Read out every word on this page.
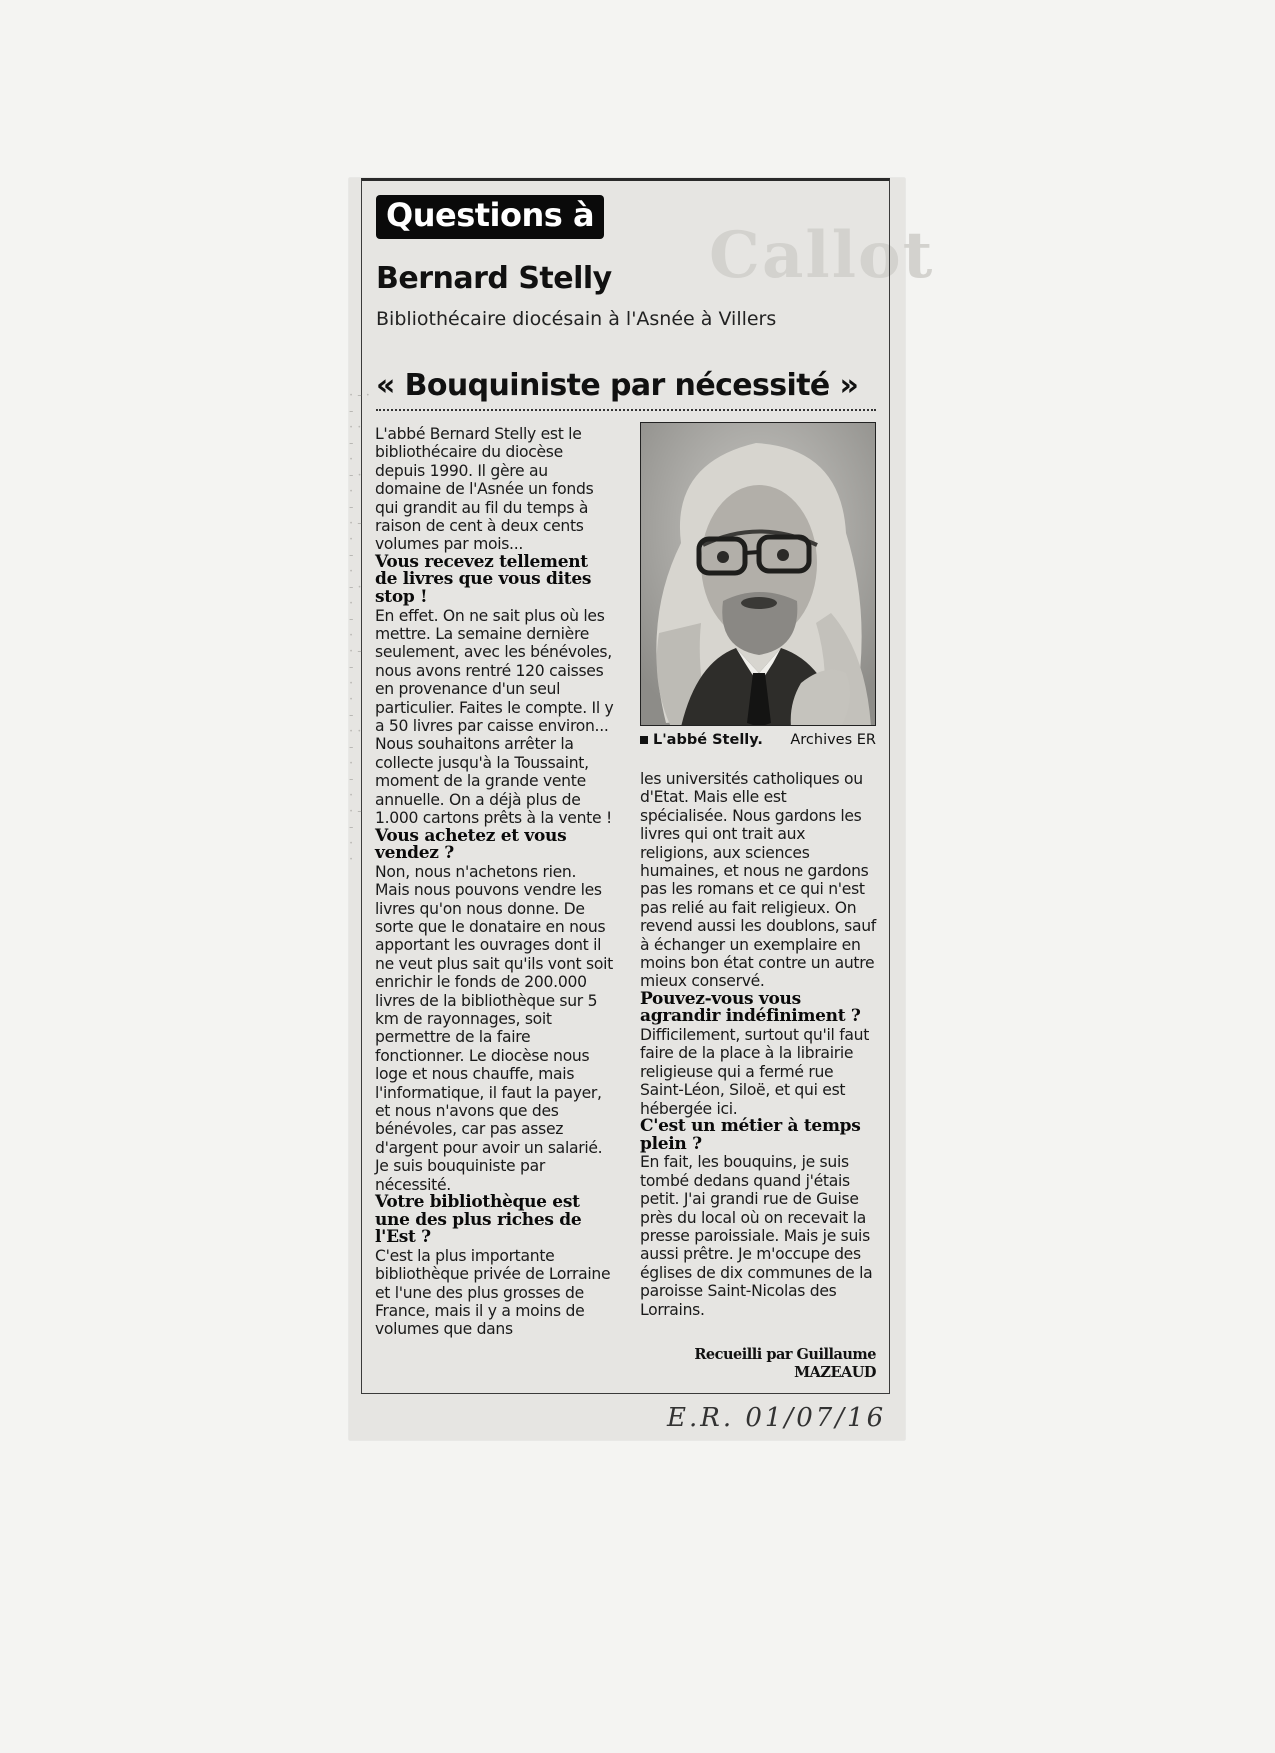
Callot
· - ·
-
· ·
-
·
- ·
·
-
· -
·
-
·
- ·
·
-
·
· -
-
·
·
-
· ·
-
·
-
·
· -
-
·
·
Questions à
Bernard Stelly
Bibliothécaire diocésain à l'Asnée à Villers
« Bouquiniste par nécessité »

L'abbé Bernard Stelly est le bibliothécaire du diocèse depuis 1990. Il gère au domaine de l'Asnée un fonds qui grandit au fil du temps à raison de cent à deux cents volumes par mois...

Vous recevez tellement de livres que vous dites stop !

En effet. On ne sait plus où les mettre. La semaine dernière seulement, avec les bénévoles, nous avons rentré 120 caisses en provenance d'un seul particulier. Faites le compte. Il y a 50 livres par caisse environ... Nous souhaitons arrêter la collecte jusqu'à la Toussaint, moment de la grande vente annuelle. On a déjà plus de 1.000 cartons prêts à la vente !

Vous achetez et vous vendez ?

Non, nous n'achetons rien. Mais nous pouvons vendre les livres qu'on nous donne. De sorte que le donataire en nous apportant les ouvrages dont il ne veut plus sait qu'ils vont soit enrichir le fonds de 200.000 livres de la bibliothèque sur 5 km de rayonnages, soit permettre de la faire fonctionner. Le diocèse nous loge et nous chauffe, mais l'informatique, il faut la payer, et nous n'avons que des bénévoles, car pas assez d'argent pour avoir un salarié. Je suis bouquiniste par nécessité.

Votre bibliothèque est une des plus riches de l'Est ?

C'est la plus importante bibliothèque privée de Lorraine et l'une des plus grosses de France, mais il y a moins de volumes que dans

L'abbé Stelly. Archives ER

les universités catholiques ou d'Etat. Mais elle est spécialisée. Nous gardons les livres qui ont trait aux religions, aux sciences humaines, et nous ne gardons pas les romans et ce qui n'est pas relié au fait religieux. On revend aussi les doublons, sauf à échanger un exemplaire en moins bon état contre un autre mieux conservé.

Pouvez-vous vous agrandir indéfiniment ?

Difficilement, surtout qu'il faut faire de la place à la librairie religieuse qui a fermé rue Saint-Léon, Siloë, et qui est hébergée ici.

C'est un métier à temps plein ?

En fait, les bouquins, je suis tombé dedans quand j'étais petit. J'ai grandi rue de Guise près du local où on recevait la presse paroissiale. Mais je suis aussi prêtre. Je m'occupe des églises de dix communes de la paroisse Saint-Nicolas des Lorrains.

Recueilli par Guillaume
MAZEAUD
E.R. 01/07/16
